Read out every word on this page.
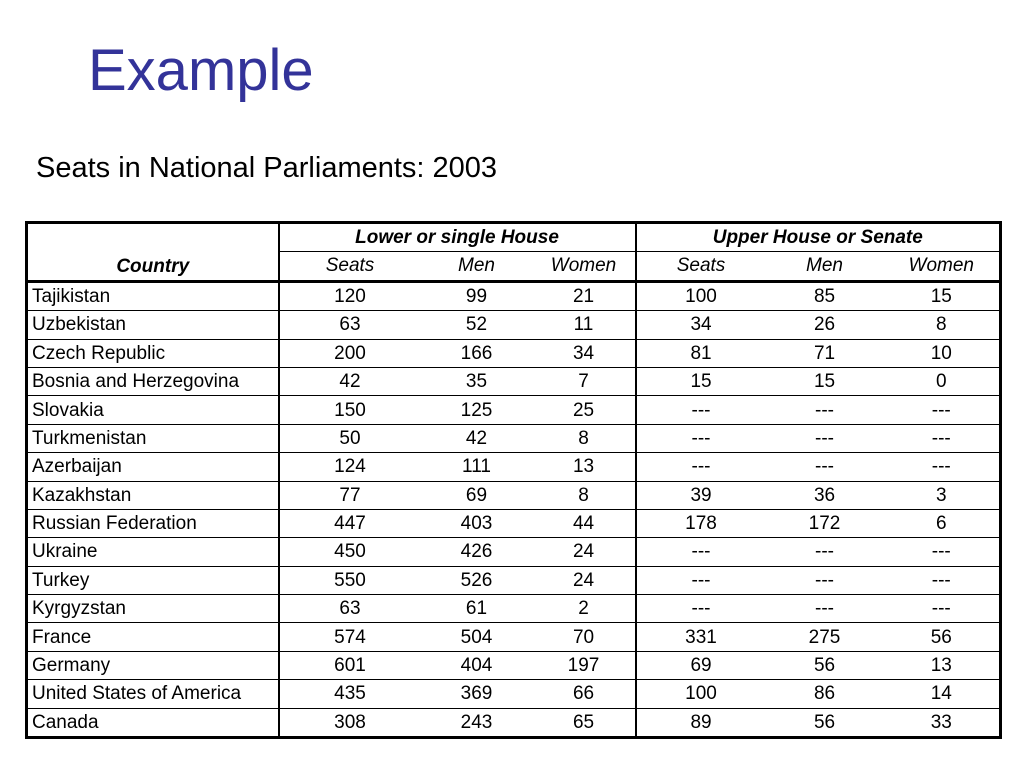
Example
Seats in National Parliaments: 2003
Country	Lower or single House			Upper House or Senate		
	Seats	Men	Women	Seats	Men	Women
Tajikistan	120	99	21	100	85	15
Uzbekistan	63	52	11	34	26	8
Czech Republic	200	166	34	81	71	10
Bosnia and Herzegovina	42	35	7	15	15	0
Slovakia	150	125	25	---	---	---
Turkmenistan	50	42	8	---	---	---
Azerbaijan	124	111	13	---	---	---
Kazakhstan	77	69	8	39	36	3
Russian Federation	447	403	44	178	172	6
Ukraine	450	426	24	---	---	---
Turkey	550	526	24	---	---	---
Kyrgyzstan	63	61	2	---	---	---
France	574	504	70	331	275	56
Germany	601	404	197	69	56	13
United States of America	435	369	66	100	86	14
Canada	308	243	65	89	56	33
